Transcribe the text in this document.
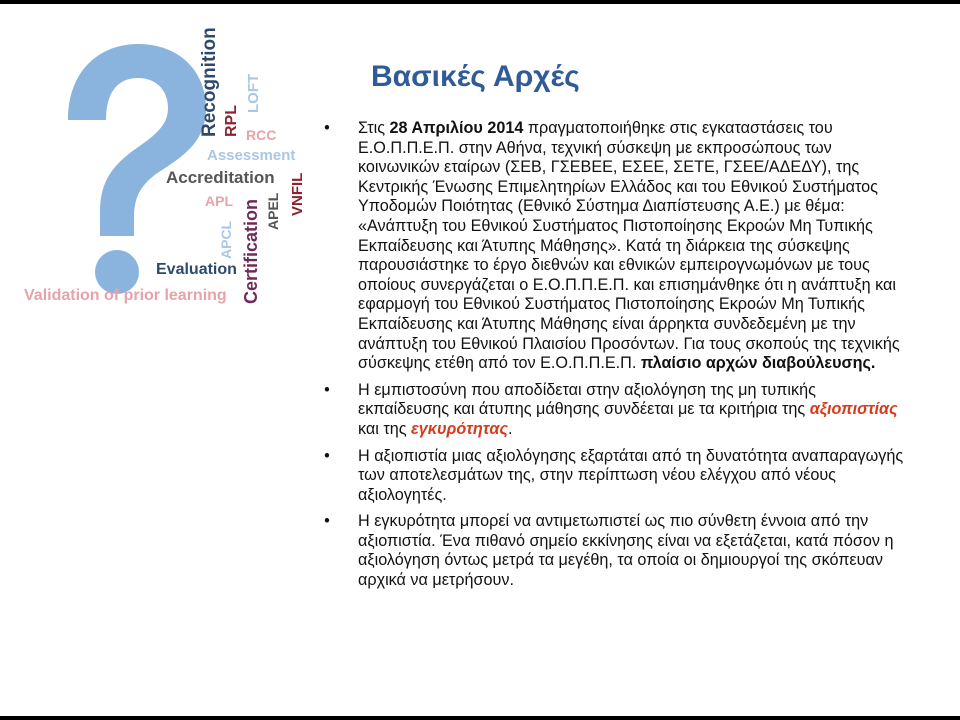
Recognition RPL
LOFT
RCC
Assessment
Accreditation
APL	VNFIL
APCL Certification APEL
Evaluation
Validation of prior learning
Βασικές Αρχές
• Στις 28 Απριλίου 2014 πραγματοποιήθηκε στις εγκαταστάσεις του Ε.Ο.Π.Π.Ε.Π. στην Αθήνα, τεχνική σύσκεψη με εκπροσώπους των κοινωνικών εταίρων (ΣΕΒ, ΓΣΕΒΕΕ, ΕΣΕΕ, ΣΕΤΕ, ΓΣΕΕ/ΑΔΕΔΥ), της Κεντρικής Ένωσης Επιμελητηρίων Ελλάδος και του Εθνικού Συστήματος Υποδομών Ποιότητας (Εθνικό Σύστημα Διαπίστευσης Α.Ε.) με θέμα: «Ανάπτυξη του Εθνικού Συστήματος Πιστοποίησης Εκροών Μη Τυπικής Εκπαίδευσης και Άτυπης Μάθησης». Κατά τη διάρκεια της σύσκεψης παρουσιάστηκε το έργο διεθνών και εθνικών εμπειρογνωμόνων με τους οποίους συνεργάζεται ο Ε.Ο.Π.Π.Ε.Π. και επισημάνθηκε ότι η ανάπτυξη και εφαρμογή του Εθνικού Συστήματος Πιστοποίησης Εκροών Μη Τυπικής Εκπαίδευσης και Άτυπης Μάθησης είναι άρρηκτα συνδεδεμένη με την ανάπτυξη του Εθνικού Πλαισίου Προσόντων. Για τους σκοπούς της τεχνικής σύσκεψης ετέθη από τον Ε.Ο.Π.Π.Ε.Π. πλαίσιο αρχών διαβούλευσης.

• Η εμπιστοσύνη που αποδίδεται στην αξιολόγηση της μη τυπικής εκπαίδευσης και άτυπης μάθησης συνδέεται με τα κριτήρια της αξιοπιστίας και της εγκυρότητας.

• Η αξιοπιστία μιας αξιολόγησης εξαρτάται από τη δυνατότητα αναπαραγωγής των αποτελεσμάτων της, στην περίπτωση νέου ελέγχου από νέους αξιολογητές.

• Η εγκυρότητα μπορεί να αντιμετωπιστεί ως πιο σύνθετη έννοια από την αξιοπιστία. Ένα πιθανό σημείο εκκίνησης είναι να εξετάζεται, κατά πόσον η αξιολόγηση όντως μετρά τα μεγέθη, τα οποία οι δημιουργοί της σκόπευαν αρχικά να μετρήσουν.
